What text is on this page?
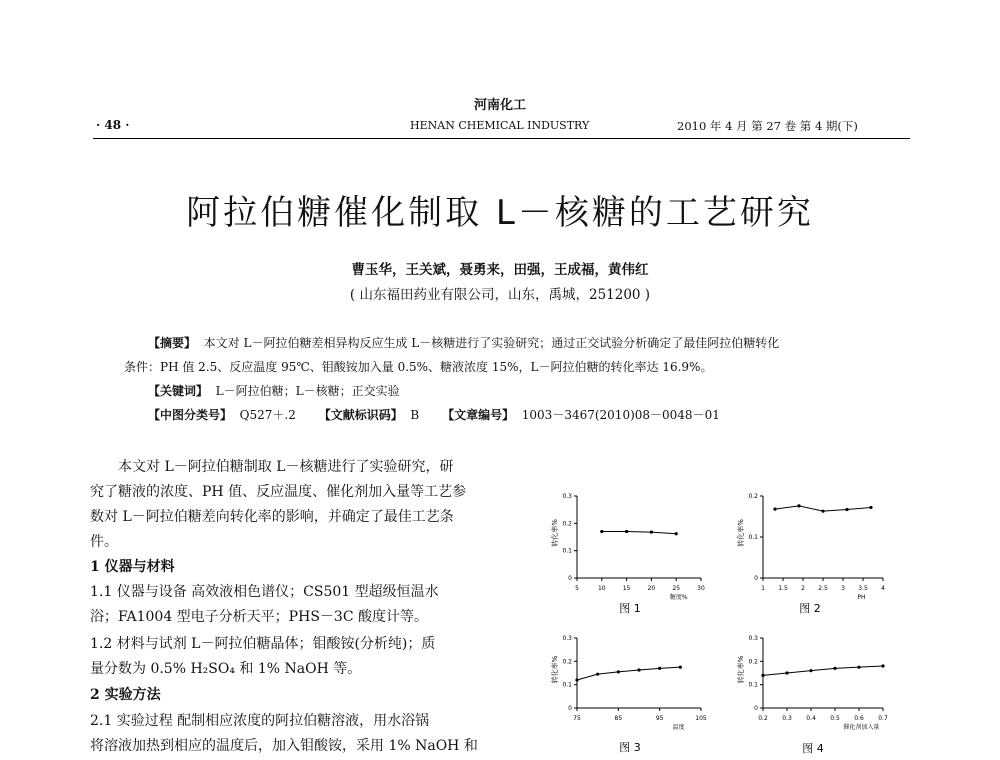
河南化工
· 48 ·	HENAN CHEMICAL INDUSTRY	2010 年 4 月 第 27 卷 第 4 期(下)
阿拉伯糖催化制取 L－核糖的工艺研究
曹玉华，王关斌，聂勇来，田强，王成福，黄伟红
( 山东福田药业有限公司，山东，禹城，251200 )
【摘要】 本文对 L－阿拉伯糖差相异构反应生成 L－核糖进行了实验研究；通过正交试验分析确定了最佳阿拉伯糖转化
条件：PH 值 2.5、反应温度 95℃、钼酸铵加入量 0.5%、糖液浓度 15%，L－阿拉伯糖的转化率达 16.9%。
【关键词】 L－阿拉伯糖；L－核糖；正交实验
【中图分类号】 Q527＋.2 【文献标识码】 B 【文章编号】 1003－3467(2010)08－0048－01
本文对 L－阿拉伯糖制取 L－核糖进行了实验研究，研
究了糖液的浓度、PH 值、反应温度、催化剂加入量等工艺参
数对 L－阿拉伯糖差向转化率的影响，并确定了最佳工艺条
件。
1 仪器与材料
1.1 仪器与设备 高效液相色谱仪；CS501 型超级恒温水
浴；FA1004 型电子分析天平；PHS－3C 酸度计等。
1.2 材料与试剂 L－阿拉伯糖晶体；钼酸铵(分析纯)；质
量分数为 0.5% H₂SO₄ 和 1% NaOH 等。
2 实验方法
2.1 实验过程 配制相应浓度的阿拉伯糖溶液，用水浴锅
将溶液加热到相应的温度后，加入钼酸铵，采用 1% NaOH 和
5	10	15	20	25	30
0
0.1
0.2
0.3
转化率%
糖度%
图 1
1 1.5 2 2.5 3 3.5 4
0
0.1
0.2
转化率%
PH
图 2
75	85	95	105
0
0.1
0.2
0.3
转化率%
温度
图 3
0.2 0.3 0.4 0.5 0.6 0.7
0
0.1
0.2
0.3
转化率%
催化剂加入量
图 4
